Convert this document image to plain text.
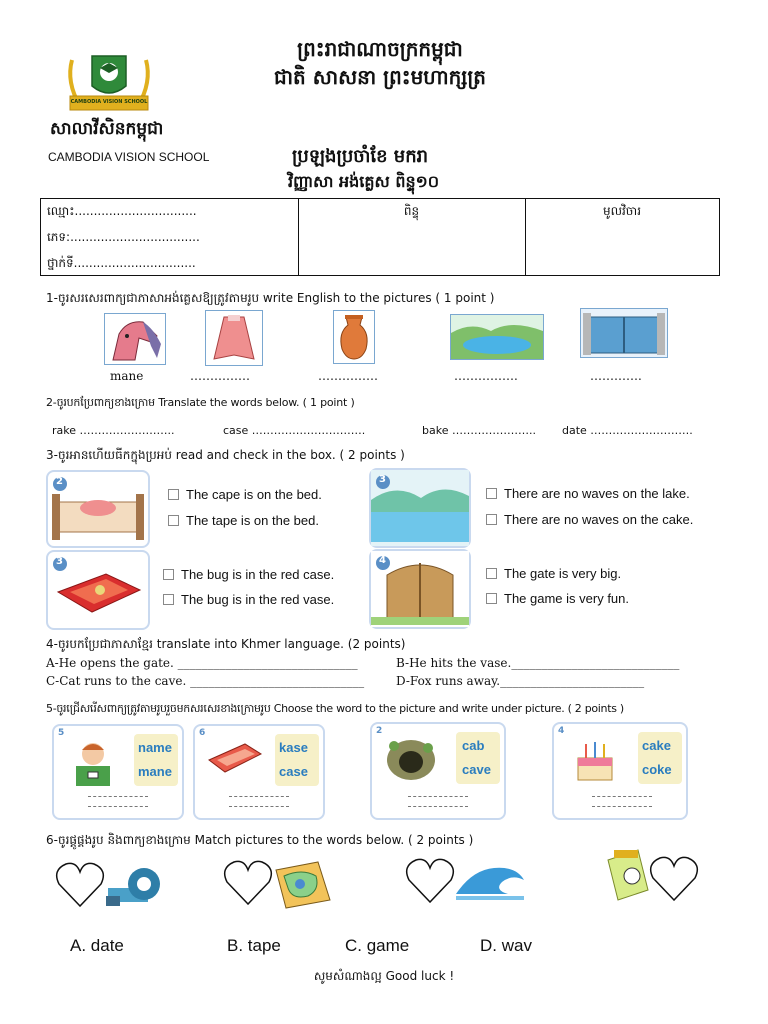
CAMBODIA VISION SCHOOL
ព្រះរាជាណាចក្រកម្ពុជា
ជាតិ សាសនា ព្រះមហាក្សត្រ
សាលាវីសិនកម្ពុជា
CAMBODIA VISION SCHOOL	ប្រឡងប្រចាំខែ មករា
វិញ្ញាសា អង់គ្លេស ពិន្ទុ១០
ឈ្មោះ................................
ភេទ:..................................
ថ្នាក់ទី................................
ពិន្ទុ	មូលវិចារ
1-ចូរសរសេរពាក្យជាភាសាអង់គ្លេសឱ្យត្រូវតាមរូប write English to the pictures ( 1 point )
mane	……………	……………	…………….	………….
2-ចូរបកប្រែពាក្យខាងក្រោម Translate the words below. ( 1 point )
rake ……………………..	case ………………………….	bake ………………….. date ……………………….
3-ចូរអានហើយធីកក្នុងប្រអប់ read and check in the box. ( 2 points )
2
The cape is on the bed.
The tape is on the bed.
3
There are no waves on the lake.
There are no waves on the cake.
3
The bug is in the red case.
The bug is in the red vase.
4
The gate is very big.
The game is very fun.
4-ចូរបកប្រែជាភាសាខ្មែរ translate into Khmer language. (2 points)
A-He opens the gate. ______________________________	B-He hits the vase.____________________________
C-Cat runs to the cave. _____________________________	D-Fox runs away.________________________
5-ចូរជ្រើសរើសពាក្យត្រូវតាមរូបរួចមកសរសេរខាងក្រោមរូប Choose the word to the picture and write under picture. ( 2 points )
5
name
mane
6
kase
case
2
cab
cave
4
cake
coke
6-ចូរផ្គូផ្គងរូប និងពាក្យខាងក្រោម Match pictures to the words below. ( 2 points )
A. date	B. tape	C. game	D. wav
សូមសំណាងល្អ Good luck !
